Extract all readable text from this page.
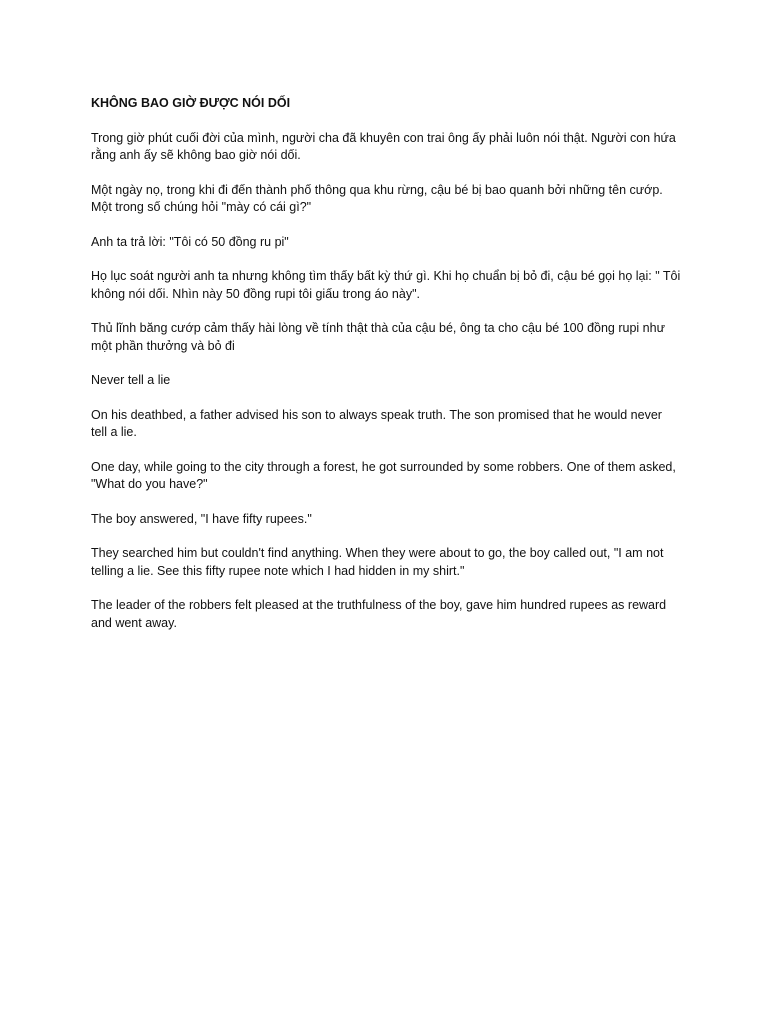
KHÔNG BAO GIỜ ĐƯỢC NÓI DỐI

Trong giờ phút cuối đời của mình, người cha đã khuyên con trai ông ấy phải luôn nói thật. Người con hứa rằng anh ấy sẽ không bao giờ nói dối.

Một ngày nọ, trong khi đi đến thành phố thông qua khu rừng, cậu bé bị bao quanh bởi những tên cướp. Một trong số chúng hỏi "mày có cái gì?"

Anh ta trả lời: "Tôi có 50 đồng ru pi"

Họ lục soát người anh ta nhưng không tìm thấy bất kỳ thứ gì. Khi họ chuẩn bị bỏ đi, cậu bé gọi họ lại: " Tôi không nói dối. Nhìn này 50 đồng rupi tôi giấu trong áo này".

Thủ lĩnh băng cướp cảm thấy hài lòng về tính thật thà của cậu bé, ông ta cho cậu bé 100 đồng rupi như một phần thưởng và bỏ đi

Never tell a lie

On his deathbed, a father advised his son to always speak truth. The son promised that he would never tell a lie.

One day, while going to the city through a forest, he got surrounded by some robbers. One of them asked, "What do you have?"

The boy answered, "I have fifty rupees."

They searched him but couldn't find anything. When they were about to go, the boy called out, "I am not telling a lie. See this fifty rupee note which I had hidden in my shirt."

The leader of the robbers felt pleased at the truthfulness of the boy, gave him hundred rupees as reward and went away.
